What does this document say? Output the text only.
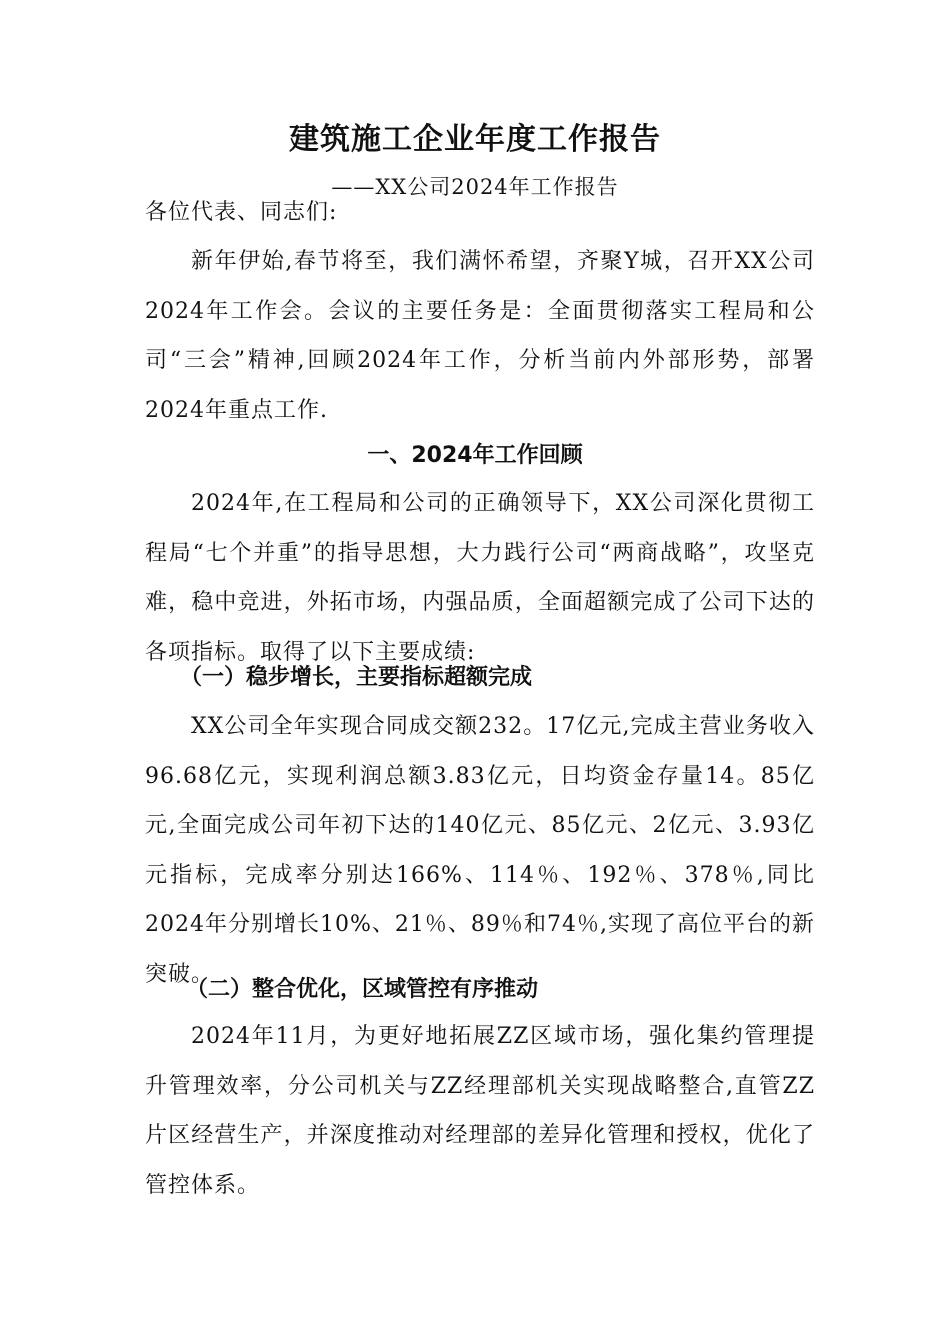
建筑施工企业年度工作报告
——XX公司2024年工作报告

各位代表、同志们:

新年伊始,春节将至，我们满怀希望，齐聚Y城，召开XX公司2024年工作会。会议的主要任务是：全面贯彻落实工程局和公司“三会”精神,回顾2024年工作，分析当前内外部形势，部署2024年重点工作.

一、2024年工作回顾

2024年,在工程局和公司的正确领导下，XX公司深化贯彻工程局“七个并重”的指导思想，大力践行公司“两商战略”，攻坚克难，稳中竞进，外拓市场，内强品质，全面超额完成了公司下达的各项指标。取得了以下主要成绩:

（一）稳步增长，主要指标超额完成

XX公司全年实现合同成交额232。17亿元,完成主营业务收入96.68亿元，实现利润总额3.83亿元，日均资金存量14。85亿元,全面完成公司年初下达的140亿元、85亿元、2亿元、3.93亿元指标，完成率分别达166%、114％、192％、378％,同比2024年分别增长10%、21％、89％和74％,实现了高位平台的新突破。

（二）整合优化，区域管控有序推动

2024年11月，为更好地拓展ZZ区域市场，强化集约管理提升管理效率，分公司机关与ZZ经理部机关实现战略整合,直管ZZ片区经营生产，并深度推动对经理部的差异化管理和授权，优化了管控体系。
